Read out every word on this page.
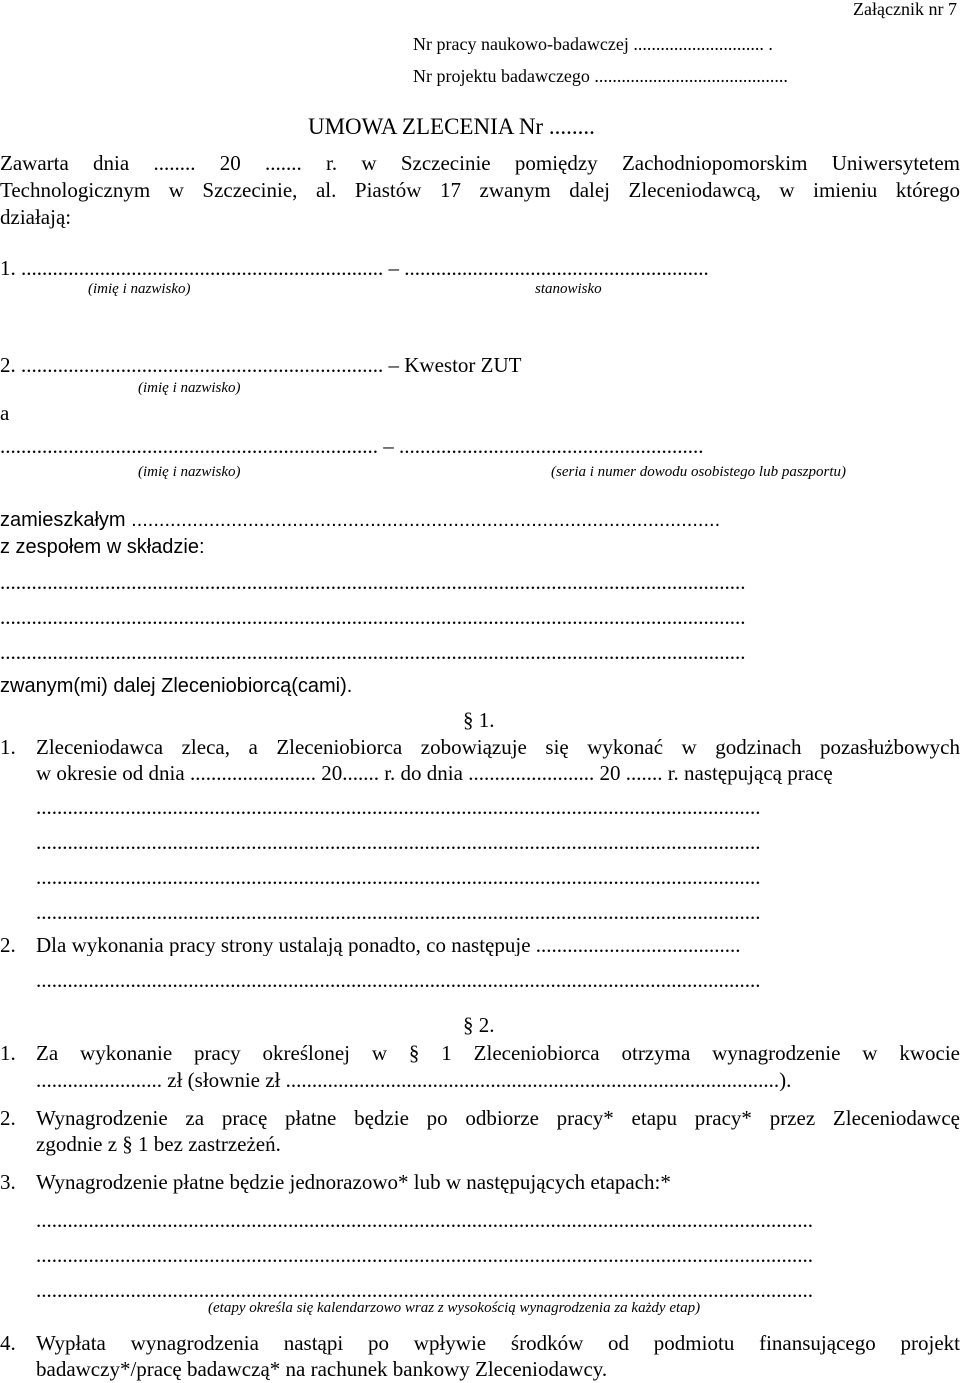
Załącznik nr 7
Nr pracy naukowo-badawczej ............................. .
Nr projektu badawczego ...........................................
UMOWA ZLECENIA Nr ........
Zawarta dnia ........ 20 ....... r. w Szczecinie pomiędzy Zachodniopomorskim Uniwersytetem
Technologicznym w Szczecinie, al. Piastów 17 zwanym dalej Zleceniodawcą, w imieniu którego
działają:
1. ..................................................................... – ..........................................................
(imię i nazwisko)	stanowisko
2. ..................................................................... – Kwestor ZUT
(imię i nazwisko)
a
........................................................................ – ..........................................................
(imię i nazwisko)	(seria i numer dowodu osobistego lub paszportu)
zamieszkałym ..........................................................................................................
z zespołem w składzie:
..............................................................................................................................................
..............................................................................................................................................
..............................................................................................................................................
zwanym(mi) dalej Zleceniobiorcą(cami).
§ 1.
1. Zleceniodawca zleca, a Zleceniobiorca zobowiązuje się wykonać w godzinach pozasłużbowych
w okresie od dnia ........................ 20....... r. do dnia ........................ 20 ....... r. następującą pracę
..........................................................................................................................................
..........................................................................................................................................
..........................................................................................................................................
..........................................................................................................................................
2. Dla wykonania pracy strony ustalają ponadto, co następuje .......................................
..........................................................................................................................................
§ 2.
1. Za wykonanie pracy określonej w § 1 Zleceniobiorca otrzyma wynagrodzenie w kwocie
........................ zł (słownie zł ..............................................................................................).
2. Wynagrodzenie za pracę płatne będzie po odbiorze pracy* etapu pracy* przez Zleceniodawcę
zgodnie z § 1 bez zastrzeżeń.
3. Wynagrodzenie płatne będzie jednorazowo* lub w następujących etapach:*
....................................................................................................................................................
....................................................................................................................................................
....................................................................................................................................................
(etapy określa się kalendarzowo wraz z wysokością wynagrodzenia za każdy etap)
4. Wypłata wynagrodzenia nastąpi po wpływie środków od podmiotu finansującego projekt
badawczy*/pracę badawczą* na rachunek bankowy Zleceniodawcy.
